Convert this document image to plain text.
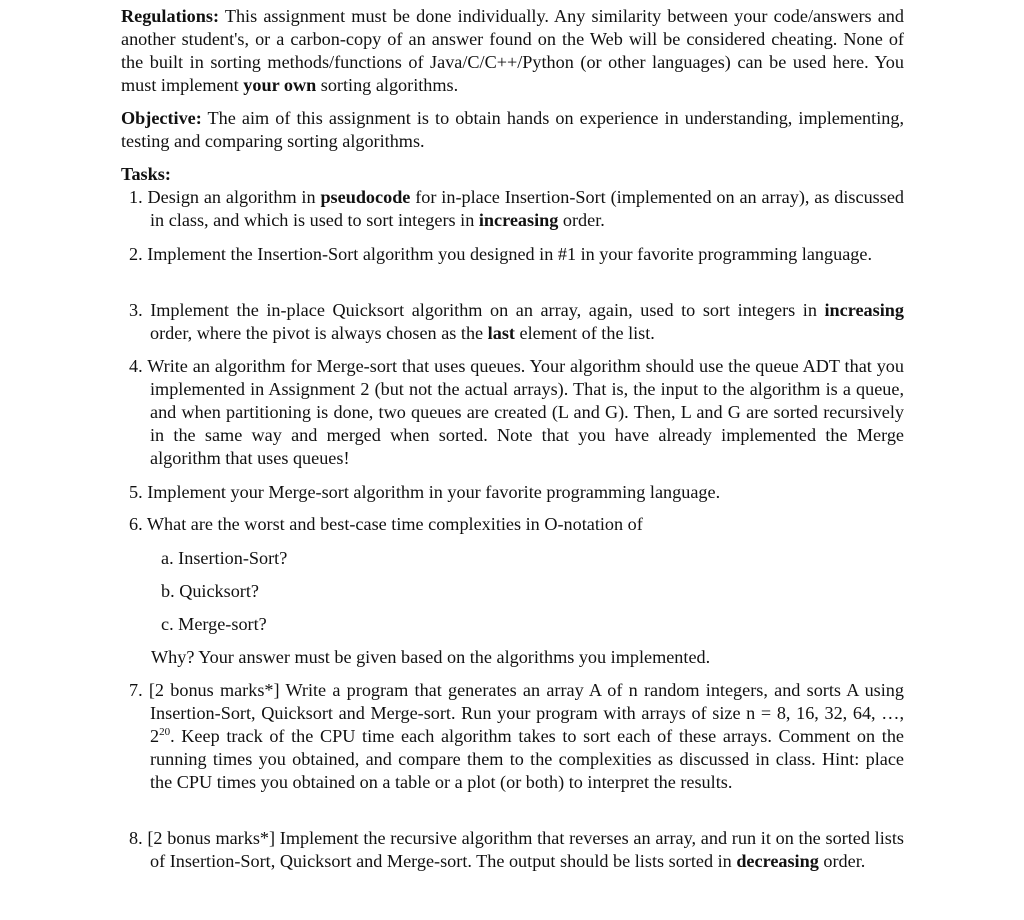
Regulations: This assignment must be done individually. Any similarity between your code/answers and another student's, or a carbon-copy of an answer found on the Web will be considered cheating. None of the built in sorting methods/functions of Java/C/C++/Python (or other languages) can be used here. You must implement your own sorting algorithms.
Objective: The aim of this assignment is to obtain hands on experience in understanding, implementing, testing and comparing sorting algorithms.
Tasks:
1. Design an algorithm in pseudocode for in-place Insertion-Sort (implemented on an array), as discussed in class, and which is used to sort integers in increasing order.
2. Implement the Insertion-Sort algorithm you designed in #1 in your favorite programming language.
3. Implement the in-place Quicksort algorithm on an array, again, used to sort integers in increasing order, where the pivot is always chosen as the last element of the list.
4. Write an algorithm for Merge-sort that uses queues. Your algorithm should use the queue ADT that you implemented in Assignment 2 (but not the actual arrays). That is, the input to the algorithm is a queue, and when partitioning is done, two queues are created (L and G). Then, L and G are sorted recursively in the same way and merged when sorted. Note that you have already implemented the Merge algorithm that uses queues!
5. Implement your Merge-sort algorithm in your favorite programming language.
6. What are the worst and best-case time complexities in O-notation of
a. Insertion-Sort?
b. Quicksort?
c. Merge-sort?
Why? Your answer must be given based on the algorithms you implemented.
7. [2 bonus marks*] Write a program that generates an array A of n random integers, and sorts A using Insertion-Sort, Quicksort and Merge-sort. Run your program with arrays of size n = 8, 16, 32, 64, …, $2^{20}$. Keep track of the CPU time each algorithm takes to sort each of these arrays. Comment on the running times you obtained, and compare them to the complexities as discussed in class. Hint: place the CPU times you obtained on a table or a plot (or both) to interpret the results.
8. [2 bonus marks*] Implement the recursive algorithm that reverses an array, and run it on the sorted lists of Insertion-Sort, Quicksort and Merge-sort. The output should be lists sorted in decreasing order.
